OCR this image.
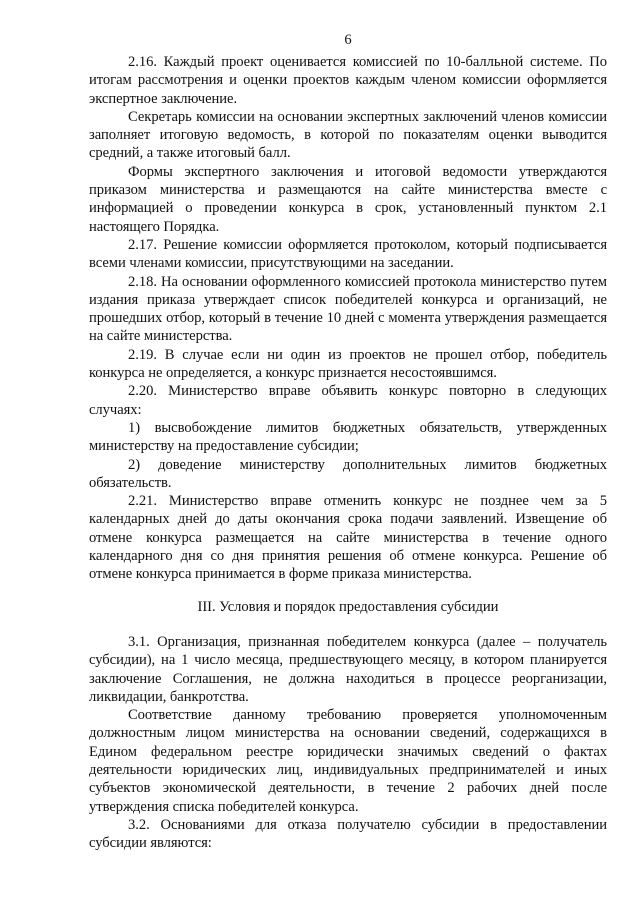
6

2.16. Каждый проект оценивается комиссией по 10-балльной системе. По итогам рассмотрения и оценки проектов каждым членом комиссии оформляется экспертное заключение.

Секретарь комиссии на основании экспертных заключений членов комиссии заполняет итоговую ведомость, в которой по показателям оценки выводится средний, а также итоговый балл.

Формы экспертного заключения и итоговой ведомости утверждаются приказом министерства и размещаются на сайте министерства вместе с информацией о проведении конкурса в срок, установленный пунктом 2.1 настоящего Порядка.

2.17. Решение комиссии оформляется протоколом, который подписывается всеми членами комиссии, присутствующими на заседании.

2.18. На основании оформленного комиссией протокола министерство путем издания приказа утверждает список победителей конкурса и организаций, не прошедших отбор, который в течение 10 дней с момента утверждения размещается на сайте министерства.

2.19. В случае если ни один из проектов не прошел отбор, победитель конкурса не определяется, а конкурс признается несостоявшимся.

2.20. Министерство вправе объявить конкурс повторно в следующих случаях:

1) высвобождение лимитов бюджетных обязательств, утвержденных министерству на предоставление субсидии;

2) доведение министерству дополнительных лимитов бюджетных обязательств.

2.21. Министерство вправе отменить конкурс не позднее чем за 5 календарных дней до даты окончания срока подачи заявлений. Извещение об отмене конкурса размещается на сайте министерства в течение одного календарного дня со дня принятия решения об отмене конкурса. Решение об отмене конкурса принимается в форме приказа министерства.

III. Условия и порядок предоставления субсидии

3.1. Организация, признанная победителем конкурса (далее – получатель субсидии), на 1 число месяца, предшествующего месяцу, в котором планируется заключение Соглашения, не должна находиться в процессе реорганизации, ликвидации, банкротства.

Соответствие данному требованию проверяется уполномоченным должностным лицом министерства на основании сведений, содержащихся в Едином федеральном реестре юридически значимых сведений о фактах деятельности юридических лиц, индивидуальных предпринимателей и иных субъектов экономической деятельности, в течение 2 рабочих дней после утверждения списка победителей конкурса.

3.2. Основаниями для отказа получателю субсидии в предоставлении субсидии являются:
